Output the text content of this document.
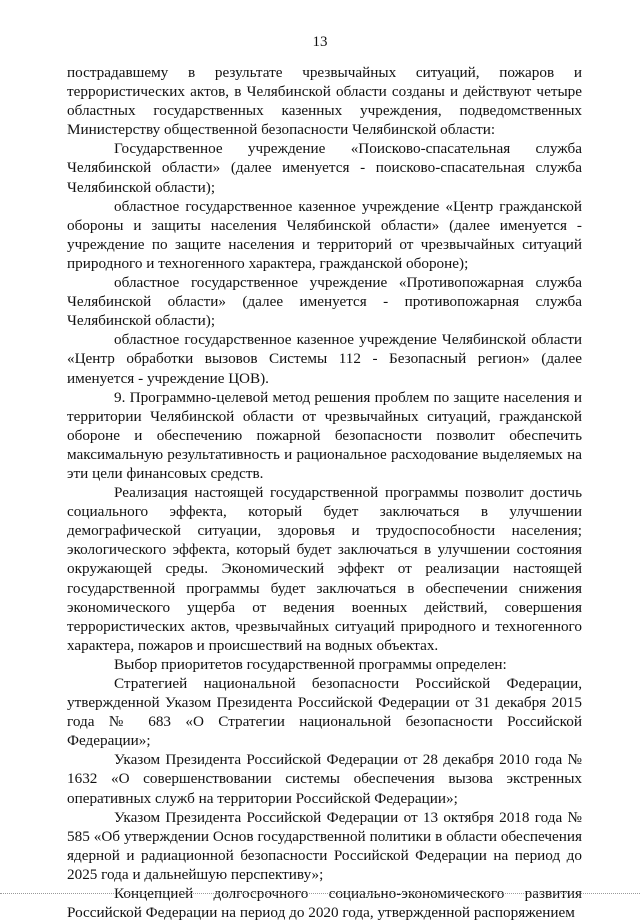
13

пострадавшему в результате чрезвычайных ситуаций, пожаров и террористических актов, в Челябинской области созданы и действуют четыре областных государственных казенных учреждения, подведомственных Министерству общественной безопасности Челябинской области:

Государственное учреждение «Поисково-спасательная служба Челябинской области» (далее именуется - поисково-спасательная служба Челябинской области);

областное государственное казенное учреждение «Центр гражданской обороны и защиты населения Челябинской области» (далее именуется - учреждение по защите населения и территорий от чрезвычайных ситуаций природного и техногенного характера, гражданской обороне);

областное государственное учреждение «Противопожарная служба Челябинской области» (далее именуется - противопожарная служба Челябинской области);

областное государственное казенное учреждение Челябинской области «Центр обработки вызовов Системы 112 - Безопасный регион» (далее именуется - учреждение ЦОВ).

9. Программно-целевой метод решения проблем по защите населения и территории Челябинской области от чрезвычайных ситуаций, гражданской обороне и обеспечению пожарной безопасности позволит обеспечить максимальную результативность и рациональное расходование выделяемых на эти цели финансовых средств.

Реализация настоящей государственной программы позволит достичь социального эффекта, который будет заключаться в улучшении демографической ситуации, здоровья и трудоспособности населения; экологического эффекта, который будет заключаться в улучшении состояния окружающей среды. Экономический эффект от реализации настоящей государственной программы будет заключаться в обеспечении снижения экономического ущерба от ведения военных действий, совершения террористических актов, чрезвычайных ситуаций природного и техногенного характера, пожаров и происшествий на водных объектах.

Выбор приоритетов государственной программы определен:

Стратегией национальной безопасности Российской Федерации, утвержденной Указом Президента Российской Федерации от 31 декабря 2015 года № 683 «О Стратегии национальной безопасности Российской Федерации»;

Указом Президента Российской Федерации от 28 декабря 2010 года № 1632 «О совершенствовании системы обеспечения вызова экстренных оперативных служб на территории Российской Федерации»;

Указом Президента Российской Федерации от 13 октября 2018 года № 585 «Об утверждении Основ государственной политики в области обеспечения ядерной и радиационной безопасности Российской Федерации на период до 2025 года и дальнейшую перспективу»;

Концепцией долгосрочного социально-экономического развития Российской Федерации на период до 2020 года, утвержденной распоряжением
